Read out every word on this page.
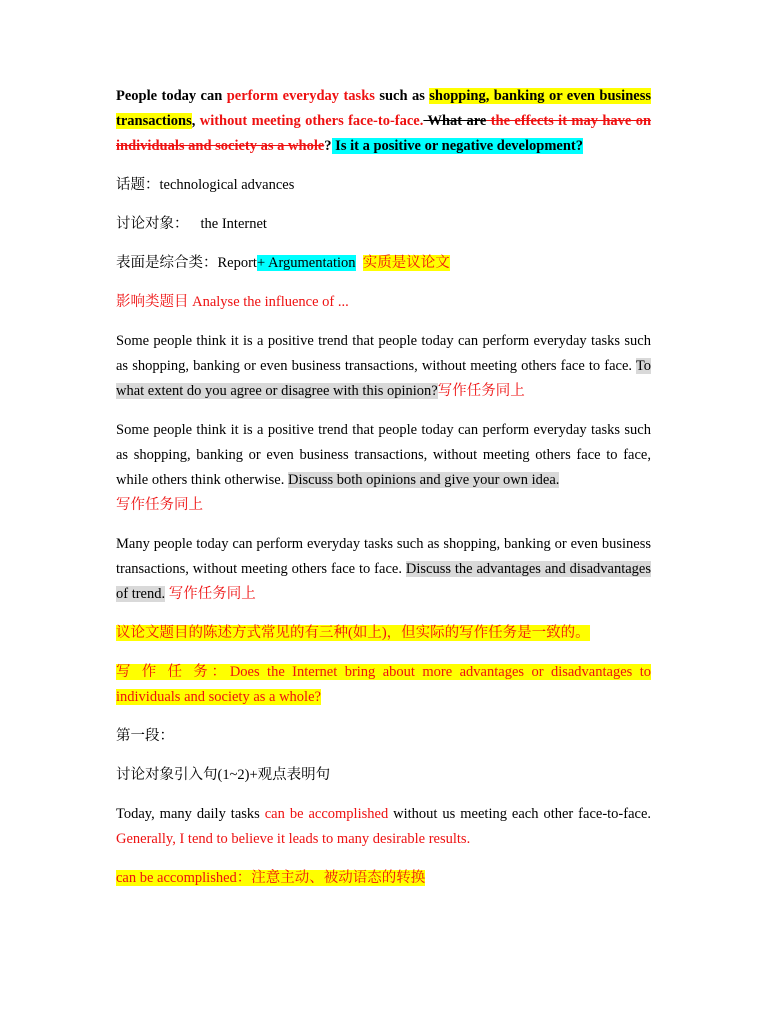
People today can perform everyday tasks such as shopping, banking or even business transactions, without meeting others face-to-face. What are the effects it may have on individuals and society as a whole? Is it a positive or negative development?

话题：technological advances

讨论对象： the Internet

表面是综合类：Report+ Argumentation 实质是议论文

影响类题目 Analyse the influence of ...

Some people think it is a positive trend that people today can perform everyday tasks such as shopping, banking or even business transactions, without meeting others face to face. To what extent do you agree or disagree with this opinion?写作任务同上

Some people think it is a positive trend that people today can perform everyday tasks such as shopping, banking or even business transactions, without meeting others face to face, while others think otherwise. Discuss both opinions and give your own idea.
写作任务同上

Many people today can perform everyday tasks such as shopping, banking or even business transactions, without meeting others face to face. Discuss the advantages and disadvantages of trend. 写作任务同上

议论文题目的陈述方式常见的有三种(如上)，但实际的写作任务是一致的。

写 作 任 务：Does the Internet bring about more advantages or disadvantages to individuals and society as a whole?

第一段：

讨论对象引入句(1~2)+观点表明句

Today, many daily tasks can be accomplished without us meeting each other face-to-face. Generally, I tend to believe it leads to many desirable results.

can be accomplished：注意主动、被动语态的转换
